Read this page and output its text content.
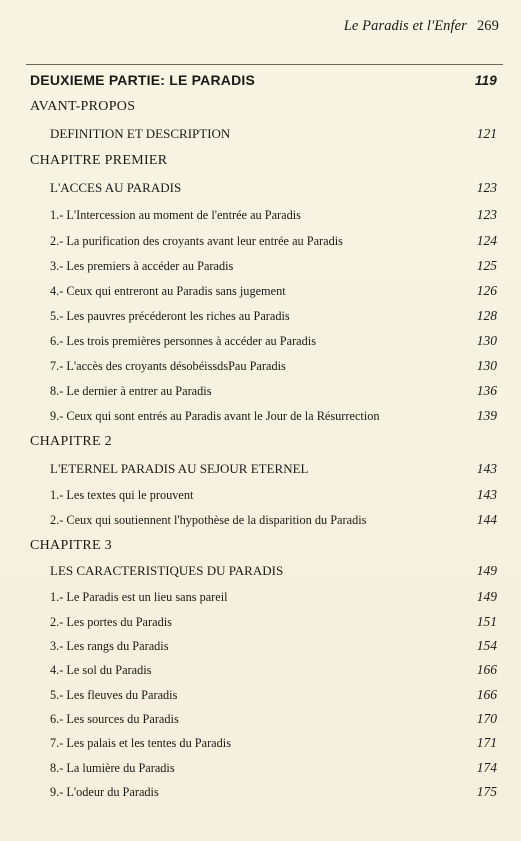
Le Paradis et l'Enfer 269
DEUXIEME PARTIE: LE PARADIS	119
AVANT-PROPOS
DEFINITION ET DESCRIPTION	121
CHAPITRE PREMIER
L'ACCES AU PARADIS	123
1.- L'Intercession au moment de l'entrée au Paradis	123
2.- La purification des croyants avant leur entrée au Paradis	124
3.- Les premiers à accéder au Paradis	125
4.- Ceux qui entreront au Paradis sans jugement	126
5.- Les pauvres précéderont les riches au Paradis	128
6.- Les trois premières personnes à accéder au Paradis	130
7.- L'accès des croyants désobéissdsPau Paradis	130
8.- Le dernier à entrer au Paradis	136
9.- Ceux qui sont entrés au Paradis avant le Jour de la Résurrection	139
CHAPITRE 2
L'ETERNEL PARADIS AU SEJOUR ETERNEL	143
1.- Les textes qui le prouvent	143
2.- Ceux qui soutiennent l'hypothèse de la disparition du Paradis	144
CHAPITRE 3
LES CARACTERISTIQUES DU PARADIS	149
1.- Le Paradis est un lieu sans pareil	149
2.- Les portes du Paradis	151
3.- Les rangs du Paradis	154
4.- Le sol du Paradis	166
5.- Les fleuves du Paradis	166
6.- Les sources du Paradis	170
7.- Les palais et les tentes du Paradis	171
8.- La lumière du Paradis	174
9.- L'odeur du Paradis	175
